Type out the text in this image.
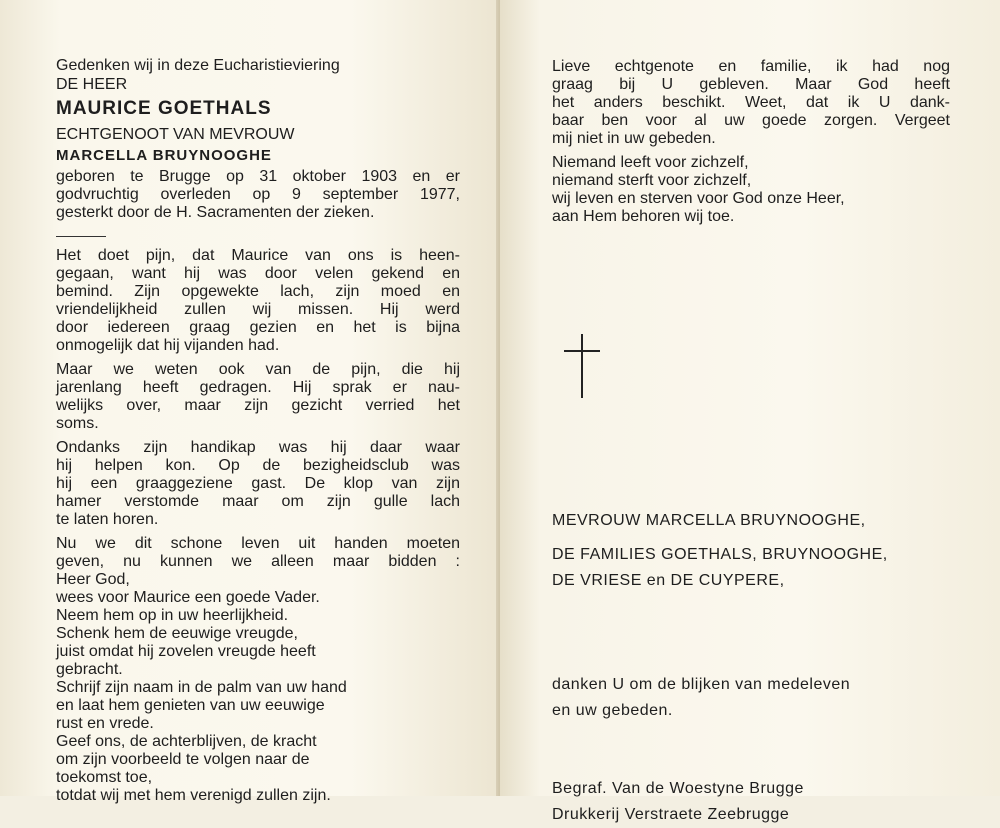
Gedenken wij in deze Eucharistieviering
DE HEER
MAURICE GOETHALS
ECHTGENOOT VAN MEVROUW
MARCELLA BRUYNOOGHE
geboren te Brugge op 31 oktober 1903 en er
godvruchtig overleden op 9 september 1977,
gesterkt door de H. Sacramenten der zieken.
Het doet pijn, dat Maurice van ons is heen-
gegaan, want hij was door velen gekend en
bemind. Zijn opgewekte lach, zijn moed en
vriendelijkheid zullen wij missen. Hij werd
door iedereen graag gezien en het is bijna
onmogelijk dat hij vijanden had.
Maar we weten ook van de pijn, die hij
jarenlang heeft gedragen. Hij sprak er nau-
welijks over, maar zijn gezicht verried het
soms.
Ondanks zijn handikap was hij daar waar
hij helpen kon. Op de bezigheidsclub was
hij een graaggeziene gast. De klop van zijn
hamer verstomde maar om zijn gulle lach
te laten horen.
Nu we dit schone leven uit handen moeten
geven, nu kunnen we alleen maar bidden :
Heer God,
wees voor Maurice een goede Vader.
Neem hem op in uw heerlijkheid.
Schenk hem de eeuwige vreugde,
juist omdat hij zovelen vreugde heeft
gebracht.
Schrijf zijn naam in de palm van uw hand
en laat hem genieten van uw eeuwige
rust en vrede.
Geef ons, de achterblijven, de kracht
om zijn voorbeeld te volgen naar de
toekomst toe,
totdat wij met hem verenigd zullen zijn.
Lieve echtgenote en familie, ik had nog
graag bij U gebleven. Maar God heeft
het anders beschikt. Weet, dat ik U dank-
baar ben voor al uw goede zorgen. Vergeet
mij niet in uw gebeden.
Niemand leeft voor zichzelf,
niemand sterft voor zichzelf,
wij leven en sterven voor God onze Heer,
aan Hem behoren wij toe.
MEVROUW MARCELLA BRUYNOOGHE,
DE FAMILIES GOETHALS, BRUYNOOGHE,
DE VRIESE en DE CUYPERE,
danken U om de blijken van medeleven
en uw gebeden.
Begraf. Van de Woestyne Brugge
Drukkerij Verstraete Zeebrugge
